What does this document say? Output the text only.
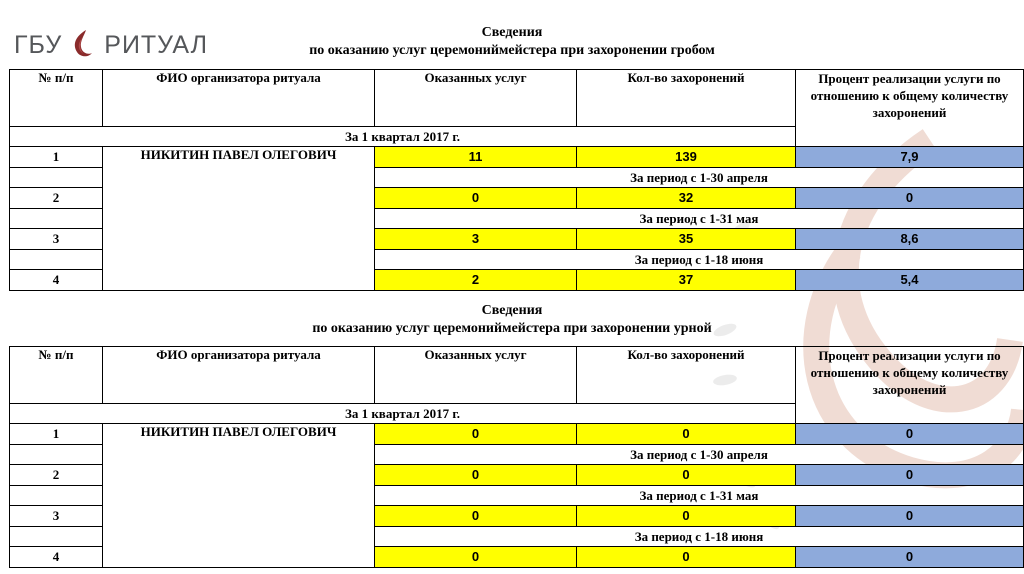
ГБУ РИТУАЛ	Сведения
по оказанию услуг церемониймейстера при захоронении гробом
№ п/п	ФИО организатора ритуала	Оказанных услуг	Кол-во захоронений	Процент реализации услуги по отношению к общему количеству захоронений
За 1 квартал 2017 г.				
1	НИКИТИН ПАВЕЛ ОЛЕГОВИЧ	11	139	7,9
		За период с 1-30 апреля		
2		0	32	0
		За период с 1-31 мая		
3		3	35	8,6
		За период с 1-18 июня		
4		2	37	5,4
Сведения
по оказанию услуг церемониймейстера при захоронении урной
№ п/п	ФИО организатора ритуала	Оказанных услуг	Кол-во захоронений	Процент реализации услуги по отношению к общему количеству захоронений
За 1 квартал 2017 г.				
1	НИКИТИН ПАВЕЛ ОЛЕГОВИЧ	0	0	0
		За период с 1-30 апреля		
2		0	0	0
		За период с 1-31 мая		
3		0	0	0
		За период с 1-18 июня		
4		0	0	0
